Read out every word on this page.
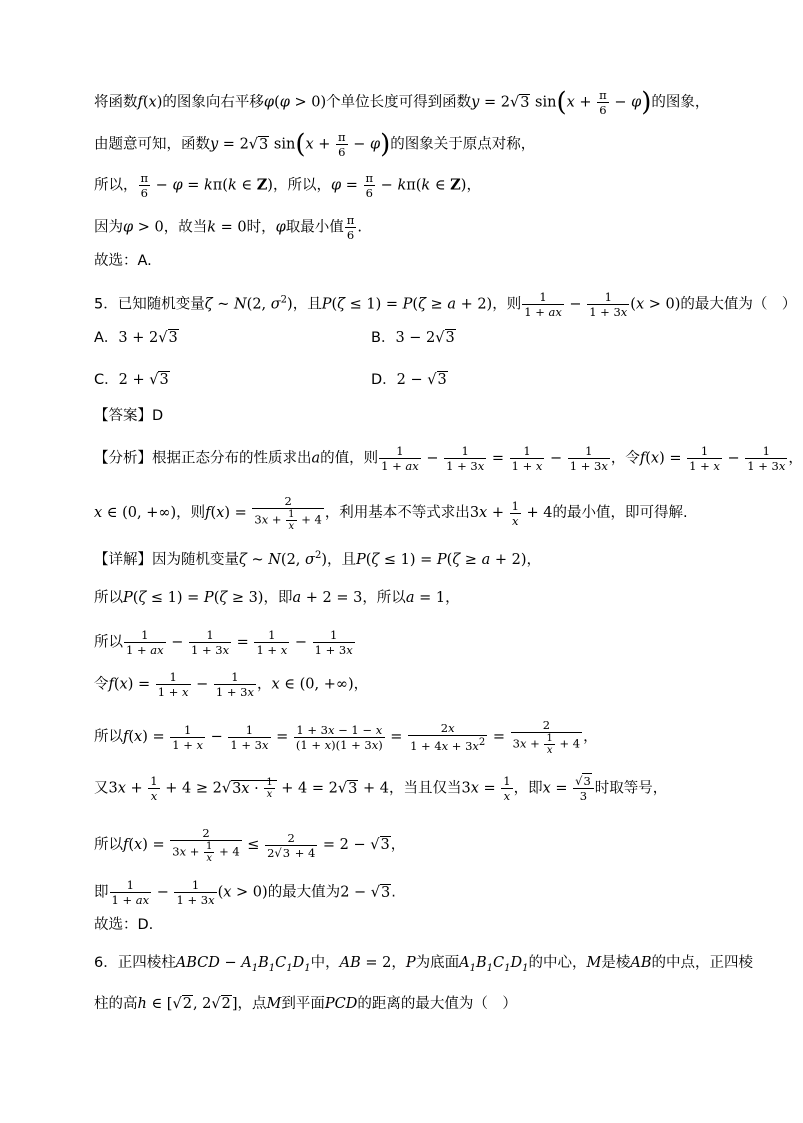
将函数f(x)的图象向右平移φ(φ > 0)个单位长度可得到函数y = 2√3 $\sin(x + \frac{\pi}{6} - \varphi)$的图象，
由题意可知，函数y = 2√3 $\sin(x + \frac{\pi}{6} - \varphi)$的图象关于原点对称，
所以， $\frac{\pi}{6} - \varphi = k\pi(k$ ∈ Z)，所以，$\varphi = \frac{\pi}{6} - k\pi(k$ ∈ Z)，
因为φ > 0，故当k = 0时，φ取最小值 $\frac{\pi}{6}$ .
故选：A.
5．已知随机变量ζ ~ N(2, $\sigma^2$)，且P(ζ ≤ 1) = P(ζ ≥ a + 2)，则 $\frac{1}{1 + ax} - \frac{1}{1 + 3x} (x > 0)$的最大值为（　）
A．3 + 2√3	B．3 − 2√3
C．2 + √3	D．2 − √3
【答案】D
【分析】根据正态分布的性质求出a的值，则 $\frac{1}{1 + ax} - \frac{1}{1 + 3x} = \frac{1}{1 + x} - \frac{1}{1 + 3x}$ ，令$f(x) = \frac{1}{1 + x} - \frac{1}{1 + 3x}$ ，
x ∈ (0, +∞)，则$f(x) = \frac{2}{3x + \frac{1}{x} + 4}$ ，利用基本不等式求出$3x + \frac{1}{x} + 4$的最小值，即可得解.
【详解】因为随机变量ζ ~ N(2, $\sigma^2$)，且P(ζ ≤ 1) = P(ζ ≥ a + 2)，
所以P(ζ ≤ 1) = P(ζ ≥ 3)，即a + 2 = 3，所以a = 1，
所以 $\frac{1}{1 + ax} - \frac{1}{1 + 3x} = \frac{1}{1 + x} - \frac{1}{1 + 3x}$
令$f(x) = \frac{1}{1 + x} - \frac{1}{1 + 3x}$ ，x ∈ (0, +∞)，
所以$f(x) = \frac{1}{1 + x} - \frac{1}{1 + 3x} = \frac{1 + 3x - 1 - x}{(1 + x)(1 + 3x)} = \frac{2x}{1 + 4x + 3x^2} = \frac{2}{3x + \frac{1}{x} + 4}$ ，
又$3x + \frac{1}{x} + 4 \ge 2√3x \cdot \frac{1}{x} + 4 = 2√3 + 4$，当且仅当$3x = \frac{1}{x}$ ，即$x = \frac{√3}{3}$ 时取等号，
所以$f(x) = \frac{2}{3x + \frac{1}{x} + 4} \le \frac{2}{2√3 + 4} = 2 - √3$，
即 $\frac{1}{1 + ax} - \frac{1}{1 + 3x} (x > 0)$的最大值为2 − √3.
故选：D.
6．正四棱柱ABCD − $A_1B_1C_1D_1$中，AB = 2，P为底面$A_1B_1C_1D_1$的中心，M是棱AB的中点，正四棱
柱的高h ∈ [√2, 2√2]，点M到平面PCD的距离的最大值为（　）
